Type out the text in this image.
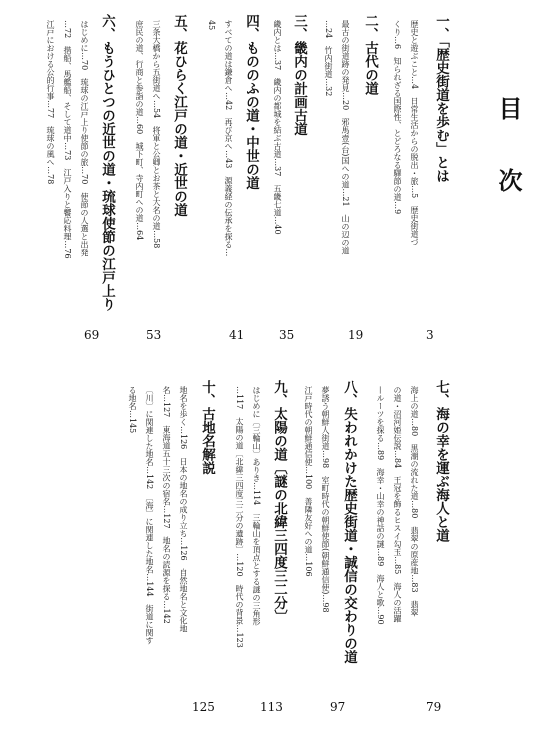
目次
一、「歴史街道を歩む」とは
3
歴史と遊ぶこと…4　日常生活からの脱出・旅…5　歴史街道づ
くり…6　知られざる国際性、とどろなる驛節の道…9
二、古代の道
19
最古の街道跡の発見…20　邪馬壹(台)国への道…21　山の辺の道
…24　竹内街道…32
三、畿内の計画古道
35
畿内とは…37　畿内の都城を結ぶ古道…37　五畿七道…40
四、もののふの道・中世の道
41
すべての道は鎌倉へ…42　再び京へ…43　源義経の伝承を探る…
45
五、花ひらく江戸の道・近世の道
53
三条大橋から五街道へ…54　将軍と公卿とお茶と大名の道…58
庶民の道、行商と参詣の道…60　城下町、寺内町への道…64
六、もうひとつの近世の道・琉球使節の江戸上り
69
はじめに…70　琉球の江戸上り使節の旅…70　使節の人選と出発
…72　揩船、馬艦船、そして道中…73　江戸入りと饗応料理…76
江戸における公的行事…77　琉球の風へ…78
七、海の幸を運ぶ海人と道
79
海上の道…80　黒潮の流れた道…80　翡翠の原産地…83　翡翠
の道・沼河姫伝説…84　王冠を飾るヒスイ勾玉…85　海人の活躍
—ルーツを探る…89　海幸・山幸の神話の謎…89　海人と歌…90
八、失われかけた歴史街道・誠信の交わりの道
97
夢誘う朝鮮人街道…98　室町時代の朝鮮使節(朝鮮通信使)…98
江戸時代の朝鮮通信使…100　善隣友好への道…106
九、太陽の道〔謎の北緯三四度三二分〕
113
はじめに〔三輪山〕ありき…114　三輪山を頂点とする謎の三角形
…117　太陽の道〔北緯三四度三二分の遺跡〕…120　時代の背景…123
十、古地名解説
125
地名を歩く…126　日本の地名の成り立ち…126　自然地名と文化地
名…127　東海道五十三次の宿名…127　地名の読源を探る…142
〔川〕に関連した地名…142　〔海〕に関連した地名…144　街道に関す
る地名…145
